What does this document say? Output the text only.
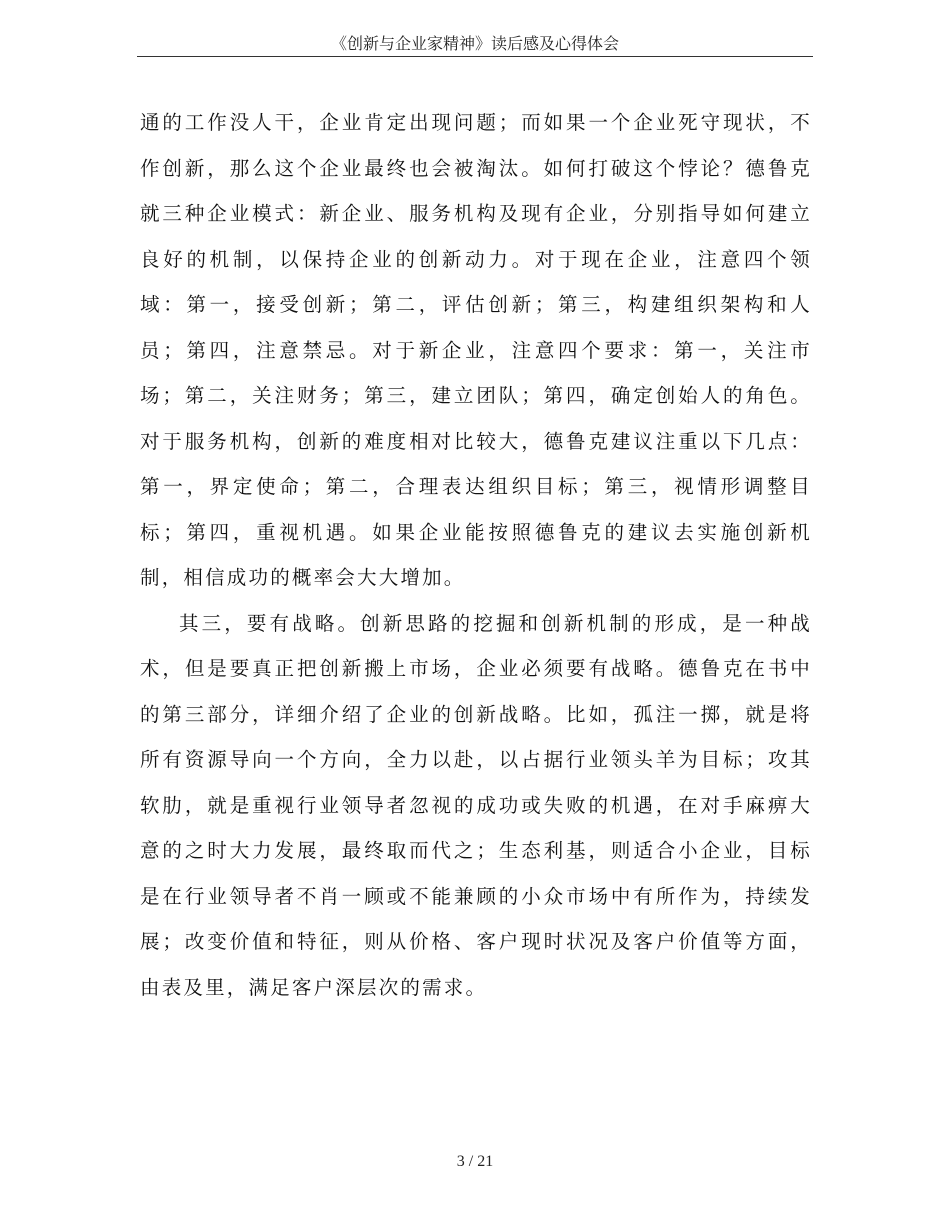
《创新与企业家精神》读后感及心得体会

通的工作没人干，企业肯定出现问题；而如果一个企业死守现状，不作创新，那么这个企业最终也会被淘汰。如何打破这个悖论？德鲁克就三种企业模式：新企业、服务机构及现有企业，分别指导如何建立良好的机制，以保持企业的创新动力。对于现在企业，注意四个领域：第一，接受创新；第二，评估创新；第三，构建组织架构和人员；第四，注意禁忌。对于新企业，注意四个要求：第一，关注市场；第二，关注财务；第三，建立团队；第四，确定创始人的角色。对于服务机构，创新的难度相对比较大，德鲁克建议注重以下几点：第一，界定使命；第二，合理表达组织目标；第三，视情形调整目标；第四，重视机遇。如果企业能按照德鲁克的建议去实施创新机制，相信成功的概率会大大增加。

其三，要有战略。创新思路的挖掘和创新机制的形成，是一种战术，但是要真正把创新搬上市场，企业必须要有战略。德鲁克在书中的第三部分，详细介绍了企业的创新战略。比如，孤注一掷，就是将所有资源导向一个方向，全力以赴，以占据行业领头羊为目标；攻其软肋，就是重视行业领导者忽视的成功或失败的机遇，在对手麻痹大意的之时大力发展，最终取而代之；生态利基，则适合小企业，目标是在行业领导者不肖一顾或不能兼顾的小众市场中有所作为，持续发展；改变价值和特征，则从价格、客户现时状况及客户价值等方面，由表及里，满足客户深层次的需求。

3 / 21
